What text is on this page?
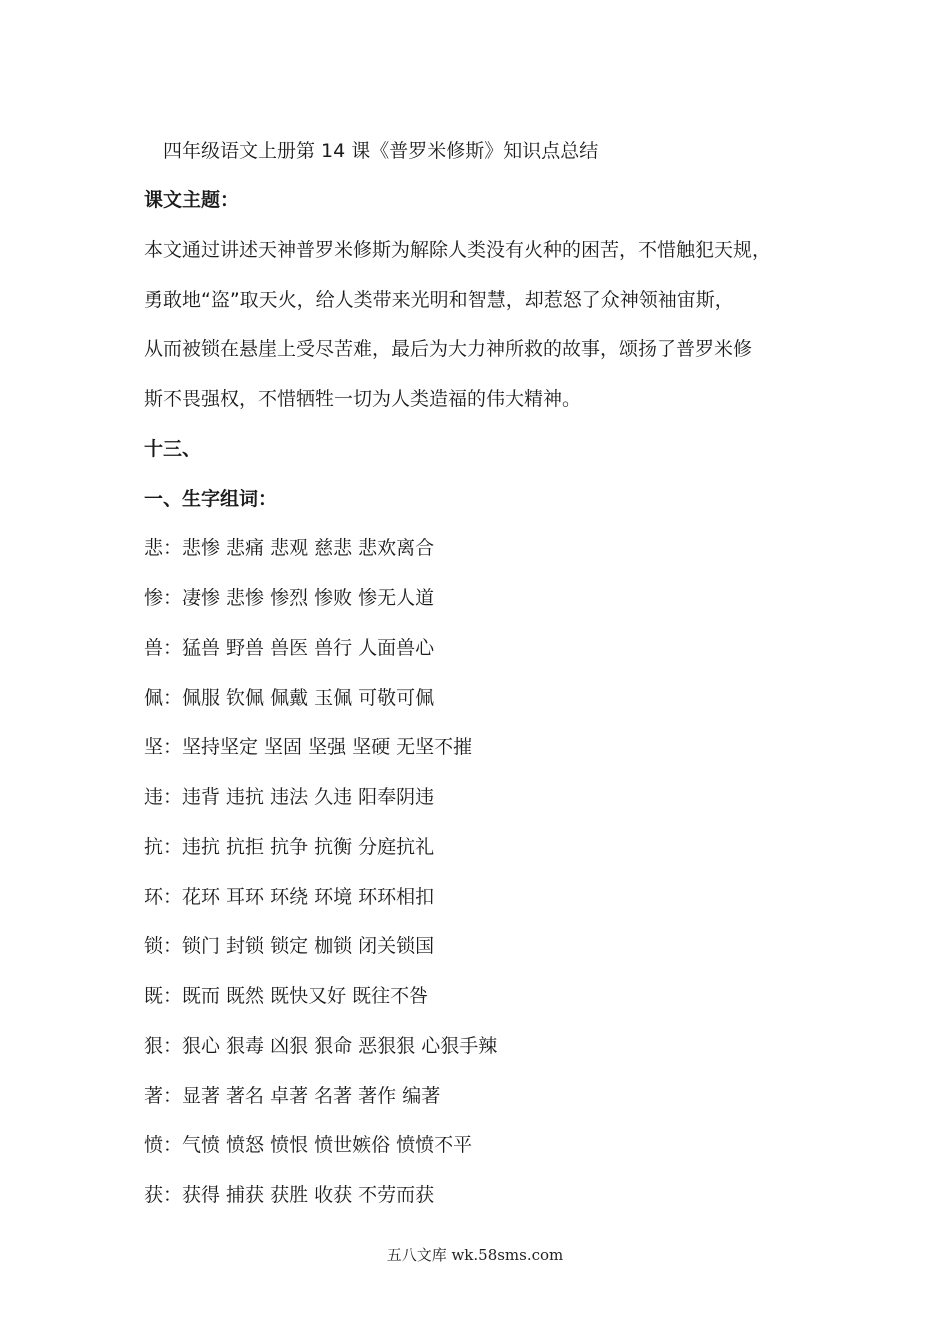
四年级语文上册第 14 课《普罗米修斯》知识点总结
课文主题：
本文通过讲述天神普罗米修斯为解除人类没有火种的困苦，不惜触犯天规，
勇敢地“盗”取天火，给人类带来光明和智慧，却惹怒了众神领袖宙斯，
从而被锁在悬崖上受尽苦难，最后为大力神所救的故事，颂扬了普罗米修
斯不畏强权，不惜牺牲一切为人类造福的伟大精神。
十三、
一、生字组词：
悲：悲惨 悲痛 悲观 慈悲 悲欢离合
惨：凄惨 悲惨 惨烈 惨败 惨无人道
兽：猛兽 野兽 兽医 兽行 人面兽心
佩：佩服 钦佩 佩戴 玉佩 可敬可佩
坚：坚持坚定 坚固 坚强 坚硬 无坚不摧
违：违背 违抗 违法 久违 阳奉阴违
抗：违抗 抗拒 抗争 抗衡 分庭抗礼
环：花环 耳环 环绕 环境 环环相扣
锁：锁门 封锁 锁定 枷锁 闭关锁国
既：既而 既然 既快又好 既往不咎
狠：狠心 狠毒 凶狠 狠命 恶狠狠 心狠手辣
著：显著 著名 卓著 名著 著作 编著
愤：气愤 愤怒 愤恨 愤世嫉俗 愤愤不平
获：获得 捕获 获胜 收获 不劳而获
五八文库 wk.58sms.com
